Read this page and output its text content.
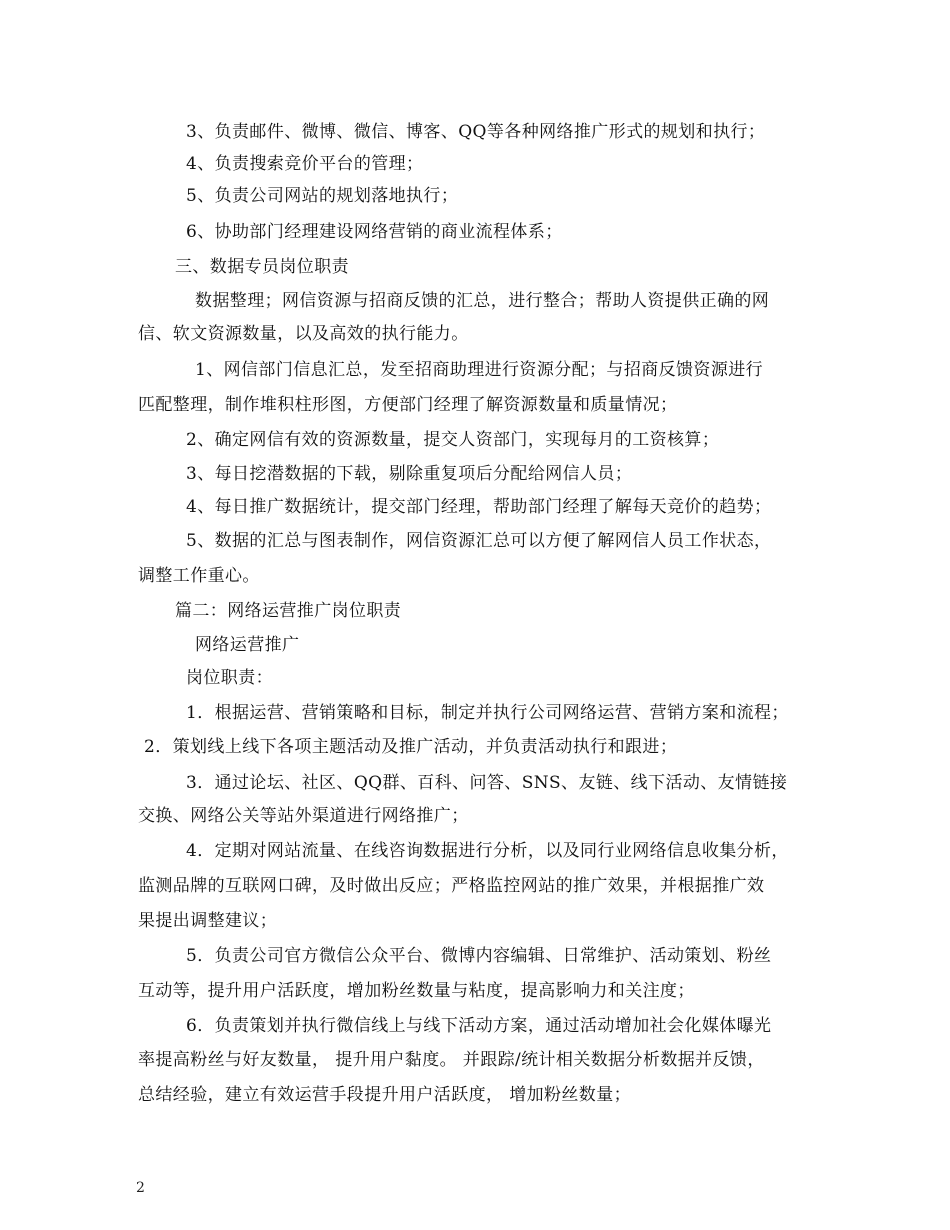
3、负责邮件、微博、微信、博客、QQ等各种网络推广形式的规划和执行；
4、负责搜索竞价平台的管理；
5、负责公司网站的规划落地执行；
6、协助部门经理建设网络营销的商业流程体系；
三、数据专员岗位职责
数据整理；网信资源与招商反馈的汇总，进行整合；帮助人资提供正确的网
信、软文资源数量，以及高效的执行能力。
1、网信部门信息汇总，发至招商助理进行资源分配；与招商反馈资源进行
匹配整理，制作堆积柱形图，方便部门经理了解资源数量和质量情况；
2、确定网信有效的资源数量，提交人资部门，实现每月的工资核算；
3、每日挖潜数据的下载，剔除重复项后分配给网信人员；
4、每日推广数据统计，提交部门经理，帮助部门经理了解每天竞价的趋势；
5、数据的汇总与图表制作，网信资源汇总可以方便了解网信人员工作状态，
调整工作重心。
篇二：网络运营推广岗位职责
网络运营推广
岗位职责：
1．根据运营、营销策略和目标，制定并执行公司网络运营、营销方案和流程；
2．策划线上线下各项主题活动及推广活动，并负责活动执行和跟进；
3．通过论坛、社区、QQ群、百科、问答、SNS、友链、线下活动、友情链接
交换、网络公关等站外渠道进行网络推广；
4．定期对网站流量、在线咨询数据进行分析，以及同行业网络信息收集分析，
监测品牌的互联网口碑，及时做出反应；严格监控网站的推广效果，并根据推广效
果提出调整建议；
5．负责公司官方微信公众平台、微博内容编辑、日常维护、活动策划、粉丝
互动等，提升用户活跃度，增加粉丝数量与粘度，提高影响力和关注度；
6．负责策划并执行微信线上与线下活动方案，通过活动增加社会化媒体曝光
率提高粉丝与好友数量， 提升用户黏度。 并跟踪/统计相关数据分析数据并反馈，
总结经验，建立有效运营手段提升用户活跃度， 增加粉丝数量；
2
